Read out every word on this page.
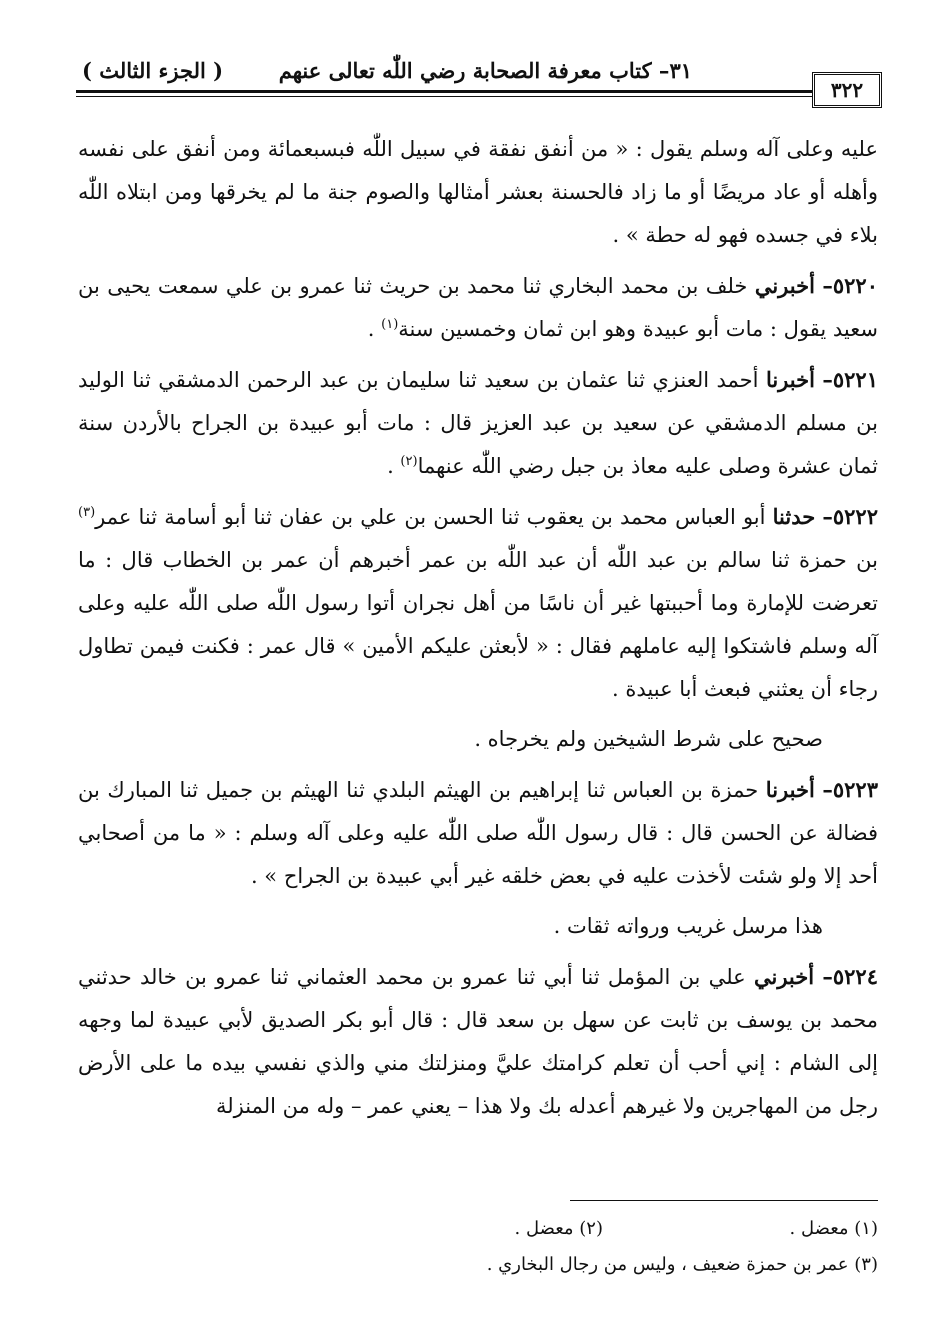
( الجزء الثالث )	٣١– كتاب معرفة الصحابة رضي اللّٰه تعالى عنهم
٣٢٢

عليه وعلى آله وسلم يقول : « من أنفق نفقة في سبيل اللّٰه فبسبعمائة ومن أنفق على نفسه وأهله أو عاد مريضًا أو ما زاد فالحسنة بعشر أمثالها والصوم جنة ما لم يخرقها ومن ابتلاه اللّٰه بلاء في جسده فهو له حطة » .

٥٢٢٠– أخبرني خلف بن محمد البخاري ثنا محمد بن حريث ثنا عمرو بن علي سمعت يحيى بن سعيد يقول : مات أبو عبيدة وهو ابن ثمان وخمسين سنة$^{(١)}$ .

٥٢٢١– أخبرنا أحمد العنزي ثنا عثمان بن سعيد ثنا سليمان بن عبد الرحمن الدمشقي ثنا الوليد بن مسلم الدمشقي عن سعيد بن عبد العزيز قال : مات أبو عبيدة بن الجراح بالأردن سنة ثمان عشرة وصلى عليه معاذ بن جبل رضي اللّٰه عنهما$^{(٢)}$ .

٥٢٢٢– حدثنا أبو العباس محمد بن يعقوب ثنا الحسن بن علي بن عفان ثنا أبو أسامة ثنا عمر$^{(٣)}$ بن حمزة ثنا سالم بن عبد اللّٰه أن عبد اللّٰه بن عمر أخبرهم أن عمر بن الخطاب قال : ما تعرضت للإمارة وما أحببتها غير أن ناسًا من أهل نجران أتوا رسول اللّٰه صلى اللّٰه عليه وعلى آله وسلم فاشتكوا إليه عاملهم فقال : « لأبعثن عليكم الأمين » قال عمر : فكنت فيمن تطاول رجاء أن يعثني فبعث أبا عبيدة .

صحيح على شرط الشيخين ولم يخرجاه .

٥٢٢٣– أخبرنا حمزة بن العباس ثنا إبراهيم بن الهيثم البلدي ثنا الهيثم بن جميل ثنا المبارك بن فضالة عن الحسن قال : قال رسول اللّٰه صلى اللّٰه عليه وعلى آله وسلم : « ما من أصحابي أحد إلا ولو شئت لأخذت عليه في بعض خلقه غير أبي عبيدة بن الجراح » .

هذا مرسل غريب ورواته ثقات .

٥٢٢٤– أخبرني علي بن المؤمل ثنا أبي ثنا عمرو بن محمد العثماني ثنا عمرو بن خالد حدثني محمد بن يوسف بن ثابت عن سهل بن سعد قال : قال أبو بكر الصديق لأبي عبيدة لما وجهه إلى الشام : إني أحب أن تعلم كرامتك عليَّ ومنزلتك مني والذي نفسي بيده ما على الأرض رجل من المهاجرين ولا غيرهم أعدله بك ولا هذا – يعني عمر – وله من المنزلة

(١) معضل .
(٢) معضل .
(٣) عمر بن حمزة ضعيف ، وليس من رجال البخاري .
